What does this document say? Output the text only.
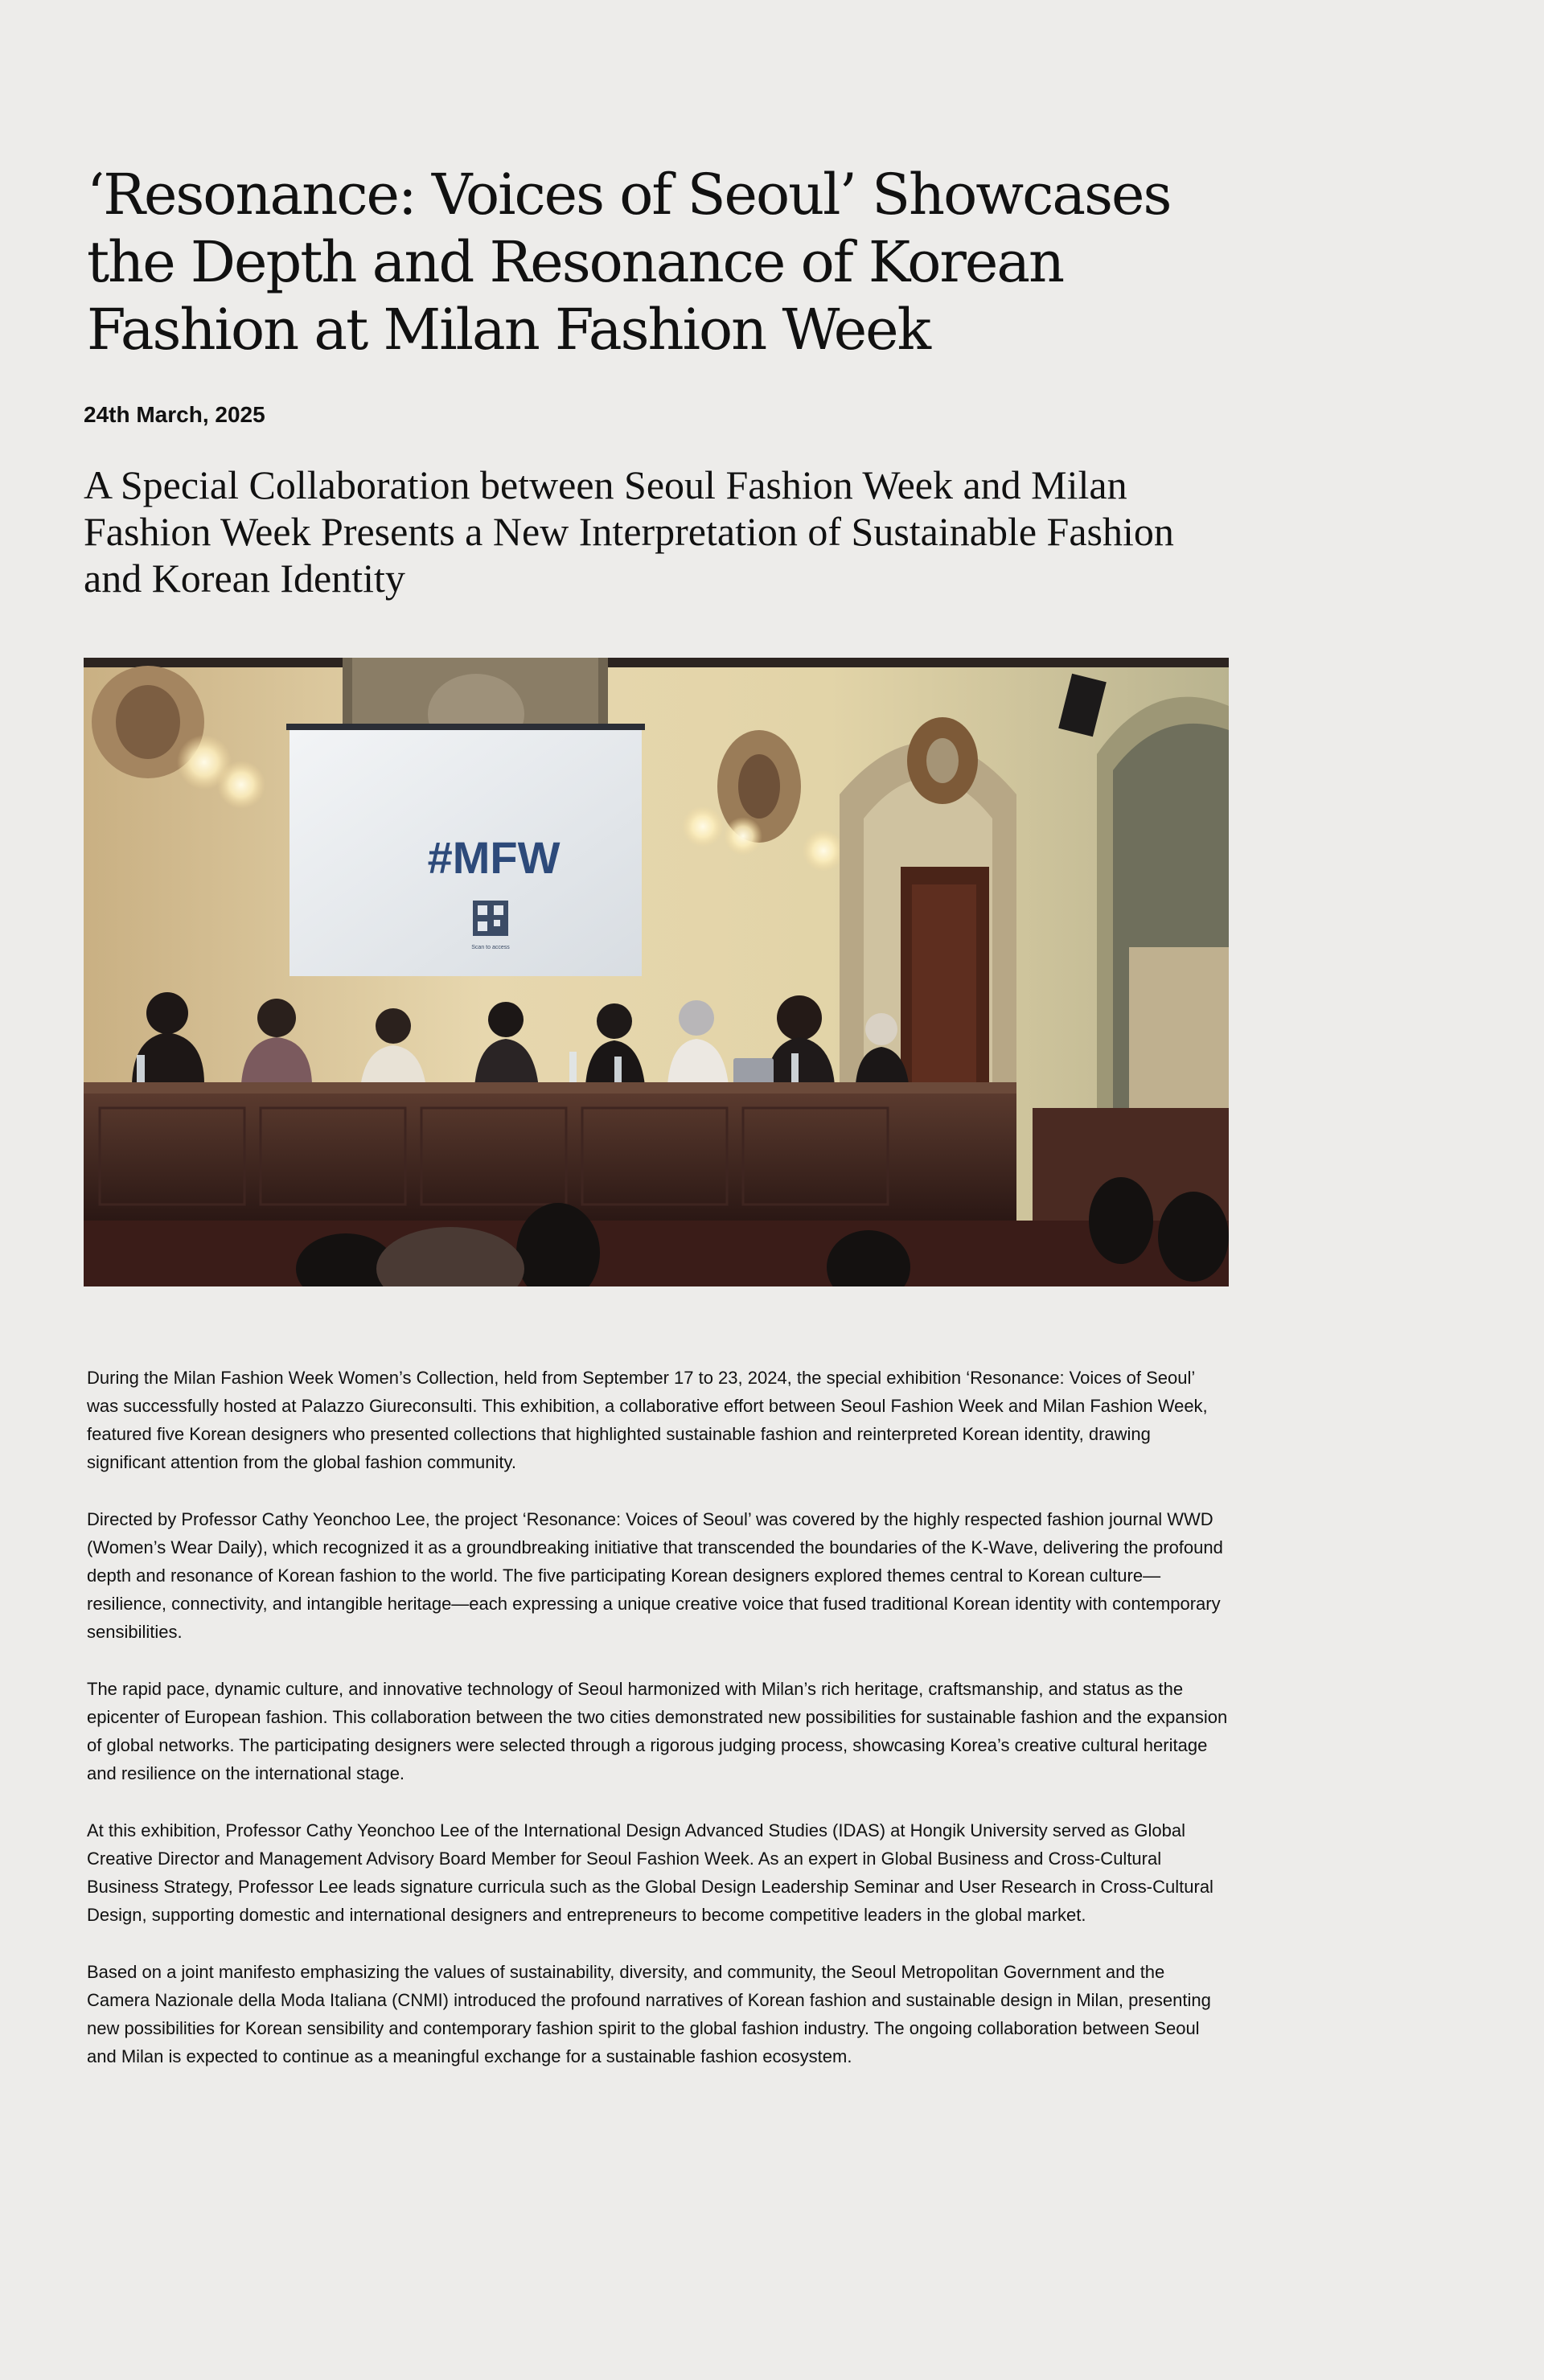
‘Resonance: Voices of Seoul’ Showcases the Depth and Resonance of Korean Fashion at Milan Fashion Week
24th March, 2025
A Special Collaboration between Seoul Fashion Week and Milan Fashion Week Presents a New Interpretation of Sustainable Fashion and Korean Identity
#MFW
Scan to access

During the Milan Fashion Week Women’s Collection, held from September 17 to 23, 2024, the special exhibition ‘Resonance: Voices of Seoul’ was successfully hosted at Palazzo Giureconsulti. This exhibition, a collaborative effort between Seoul Fashion Week and Milan Fashion Week, featured five Korean designers who presented collections that highlighted sustainable fashion and reinterpreted Korean identity, drawing significant attention from the global fashion community.

Directed by Professor Cathy Yeonchoo Lee, the project ‘Resonance: Voices of Seoul’ was covered by the highly respected fashion journal WWD (Women’s Wear Daily), which recognized it as a groundbreaking initiative that transcended the boundaries of the K-Wave, delivering the profound depth and resonance of Korean fashion to the world. The five participating Korean designers explored themes central to Korean culture—resilience, connectivity, and intangible heritage—each expressing a unique creative voice that fused traditional Korean identity with contemporary sensibilities.

The rapid pace, dynamic culture, and innovative technology of Seoul harmonized with Milan’s rich heritage, craftsmanship, and status as the epicenter of European fashion. This collaboration between the two cities demonstrated new possibilities for sustainable fashion and the expansion of global networks. The participating designers were selected through a rigorous judging process, showcasing Korea’s creative cultural heritage and resilience on the international stage.

At this exhibition, Professor Cathy Yeonchoo Lee of the International Design Advanced Studies (IDAS) at Hongik University served as Global Creative Director and Management Advisory Board Member for Seoul Fashion Week. As an expert in Global Business and Cross-Cultural Business Strategy, Professor Lee leads signature curricula such as the Global Design Leadership Seminar and User Research in Cross-Cultural Design, supporting domestic and international designers and entrepreneurs to become competitive leaders in the global market.

Based on a joint manifesto emphasizing the values of sustainability, diversity, and community, the Seoul Metropolitan Government and the Camera Nazionale della Moda Italiana (CNMI) introduced the profound narratives of Korean fashion and sustainable design in Milan, presenting new possibilities for Korean sensibility and contemporary fashion spirit to the global fashion industry. The ongoing collaboration between Seoul and Milan is expected to continue as a meaningful exchange for a sustainable fashion ecosystem.
